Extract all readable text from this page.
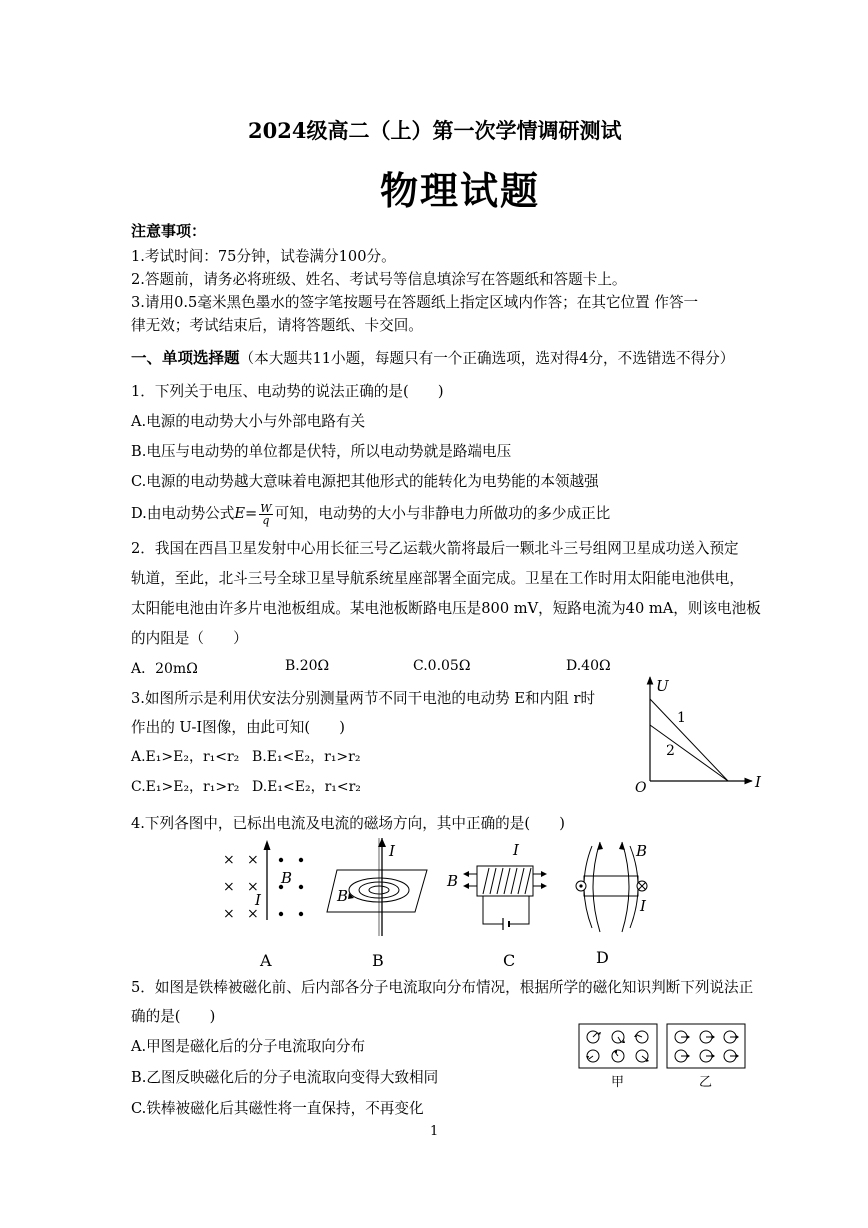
2024级高二（上）第一次学情调研测试
物理试题
注意事项：
1.考试时间：75分钟，试卷满分100分。
2.答题前，请务必将班级、姓名、考试号等信息填涂写在答题纸和答题卡上。
3.请用0.5毫米黑色墨水的签字笔按题号在答题纸上指定区域内作答；在其它位置 作答一
律无效；考试结束后，请将答题纸、卡交回。
一、单项选择题（本大题共11小题，每题只有一个正确选项，选对得4分，不选错选不得分）
1．下列关于电压、电动势的说法正确的是(　　)
A.电源的电动势大小与外部电路有关
B.电压与电动势的单位都是伏特，所以电动势就是路端电压
C.电源的电动势越大意味着电源把其他形式的能转化为电势能的本领越强
D.由电动势公式$E= \frac{W}{q}$ 可知，电动势的大小与非静电力所做功的多少成正比
2．我国在西昌卫星发射中心用长征三号乙运载火箭将最后一颗北斗三号组网卫星成功送入预定
轨道，至此，北斗三号全球卫星导航系统星座部署全面完成。卫星在工作时用太阳能电池供电，
太阳能电池由许多片电池板组成。某电池板断路电压是800 mV，短路电流为40 mA，则该电池板
的内阻是（　　）
A．20mΩ	B.20Ω	C.0.05Ω	D.40Ω
3.如图所示是利用伏安法分别测量两节不同干电池的电动势 E和内阻 r时
作出的 U-I图像，由此可知(　　)
A.E₁>E₂，r₁<r₂ B.E₁<E₂，r₁>r₂
C.E₁>E₂，r₁>r₂ D.E₁<E₂，r₁<r₂
U
I
O
1
2
4.下列各图中，已标出电流及电流的磁场方向，其中正确的是(　　)
× ×
× ×
× ×
B
I
A
I
B
B
I
B
C
B
I
D
5．如图是铁棒被磁化前、后内部各分子电流取向分布情况，根据所学的磁化知识判断下列说法正
确的是(　　)
A.甲图是磁化后的分子电流取向分布
B.乙图反映磁化后的分子电流取向变得大致相同
C.铁棒被磁化后其磁性将一直保持，不再变化
甲	乙
1
